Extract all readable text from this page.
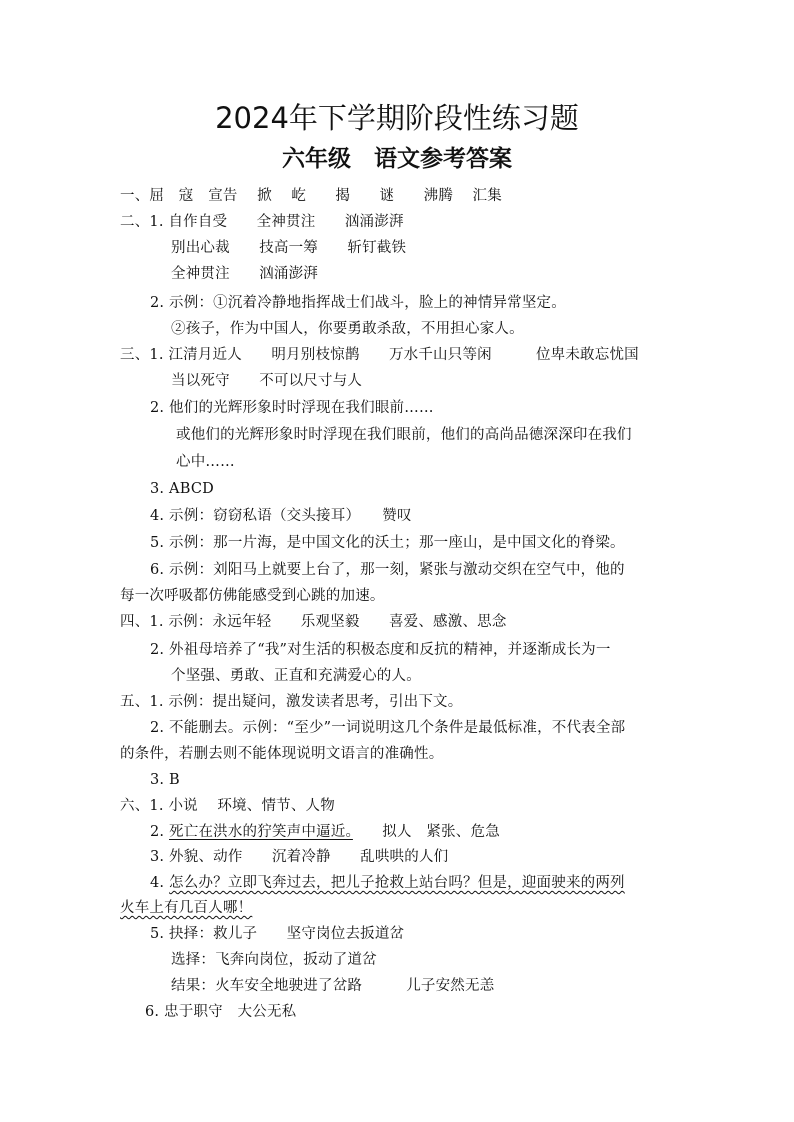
2024年下学期阶段性练习题
六年级　语文参考答案
一、屈　寇　宣告　 掀　 屹　　揭　　谜　　沸腾　 汇集
二、1. 自作自受　　全神贯注　　汹涌澎湃
别出心裁　　技高一筹　　斩钉截铁
全神贯注　　汹涌澎湃
2. 示例：①沉着冷静地指挥战士们战斗，脸上的神情异常坚定。
②孩子，作为中国人，你要勇敢杀敌，不用担心家人。
三、1. 江清月近人　　明月别枝惊鹊　　万水千山只等闲　　　位卑未敢忘忧国
当以死守　　不可以尺寸与人
2. 他们的光辉形象时时浮现在我们眼前……
或他们的光辉形象时时浮现在我们眼前，他们的高尚品德深深印在我们
心中……
3. ABCD
4. 示例：窃窃私语（交头接耳）　　赞叹
5. 示例：那一片海，是中国文化的沃土；那一座山，是中国文化的脊梁。
6. 示例：刘阳马上就要上台了，那一刻，紧张与激动交织在空气中，他的
每一次呼吸都仿佛能感受到心跳的加速。
四、1. 示例：永远年轻　　乐观坚毅　　喜爱、感激、思念
2. 外祖母培养了“我”对生活的积极态度和反抗的精神，并逐渐成长为一
个坚强、勇敢、正直和充满爱心的人。
五、1. 示例：提出疑问，激发读者思考，引出下文。
2. 不能删去。示例：“至少”一词说明这几个条件是最低标准，不代表全部
的条件，若删去则不能体现说明文语言的准确性。
3. B
六、1. 小说　 环境、情节、人物
2. 死亡在洪水的狞笑声中逼近。　　拟人　紧张、危急
3. 外貌、动作　　沉着冷静　　乱哄哄的人们
4. 怎么办？立即飞奔过去，把儿子抢救上站台吗？但是，迎面驶来的两列
火车上有几百人哪！
5. 抉择：救儿子　　坚守岗位去扳道岔
选择：飞奔向岗位，扳动了道岔
结果：火车安全地驶进了岔路　　　儿子安然无恙
6. 忠于职守　大公无私
